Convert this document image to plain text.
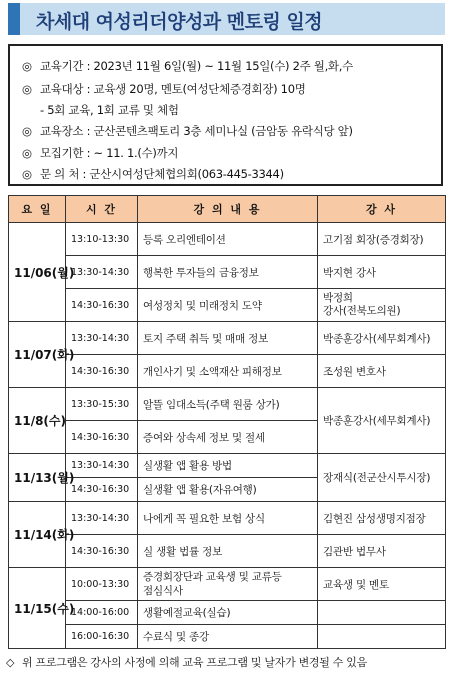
차세대 여성리더양성과 멘토링 일정
◎ 교육기간 : 2023년 11월 6일(월) ~ 11월 15일(수) 2주 월,화,수
◎ 교육대상 : 교육생 20명, 멘토(여성단체증경회장) 10명
- 5회 교육, 1회 교류 및 체험
◎ 교육장소 : 군산콘텐츠팩토리 3층 세미나실 (금암동 유락식당 앞)
◎ 모집기한 : ~ 11. 1.(수)까지
◎ 문 의 처 : 군산시여성단체협의회(063-445-3344)
요 일	시 간	강 의 내 용	강 사
11/06(월)	13:10-13:30	등록 오리엔테이션	고기점 회장(증경회장)
	13:30-14:30	행복한 투자들의 금융정보	박지현 강사
	14:30-16:30	여성정치 및 미래정치 도약	박정희
강사(전북도의원)
11/07(화)	13:30-14:30	토지 주택 취득 및 매매 정보	박종훈강사(세무회계사)
	14:30-16:30	개인사기 및 소액재산 피해정보	조성원 변호사
11/8(수)	13:30-15:30	알뜰 임대소득(주택 원룸 상가)	박종훈강사(세무회계사)
	14:30-16:30	증여와 상속세 정보 및 절세	
11/13(월)	13:30-14:30	실생활 앱 활용 방법	장재식(전군산시투시장)
	14:30-16:30	실생활 앱 활용(자유여행)	
11/14(화)	13:30-14:30	나에게 꼭 필요한 보험 상식	김현진 삼성생명지점장
	14:30-16:30	실 생활 법률 정보	김관반 법무사
11/15(수)	10:00-13:30	증경회장단과 교육생 및 교류등
점심식사	교육생 및 멘토
	14:00-16:00	생활예절교육(실습)	
	16:00-16:30	수료식 및 종강	
◇ 위 프로그램은 강사의 사정에 의해 교육 프로그램 및 날자가 변경될 수 있음
